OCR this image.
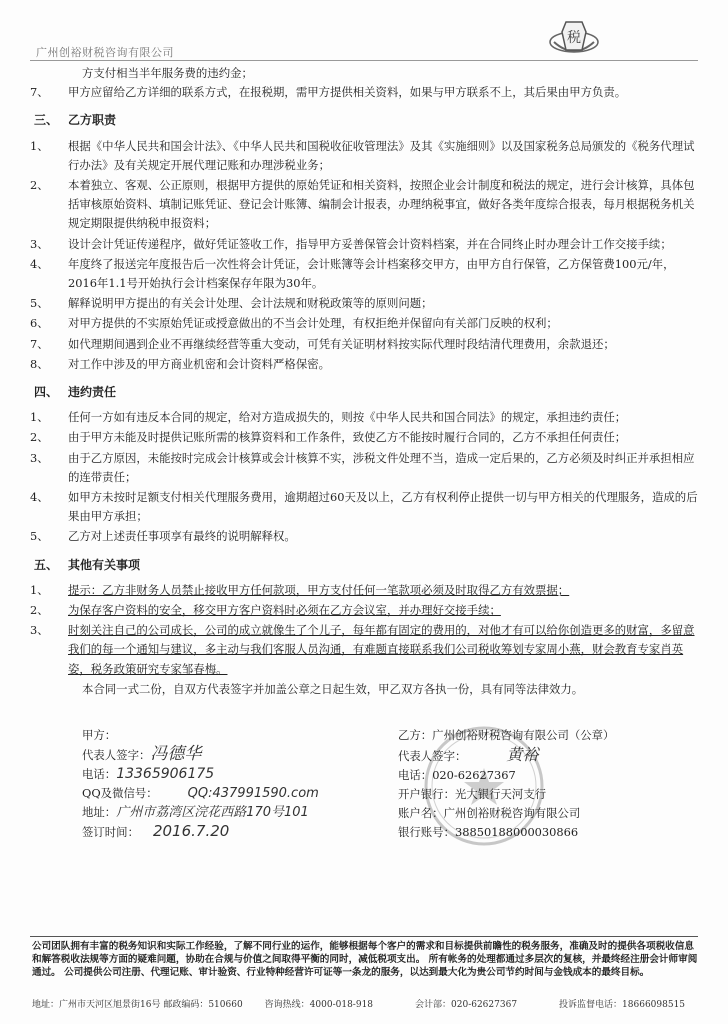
广州创裕财税咨询有限公司
税
方支付相当半年服务费的违约金；
7、	甲方应留给乙方详细的联系方式，在报税期，需甲方提供相关资料，如果与甲方联系不上，其后果由甲方负责。
三、 乙方职责
1、	根据《中华人民共和国会计法》、《中华人民共和国税收征收管理法》及其《实施细则》以及国家税务总局颁发的《税务代理试行办法》及有关规定开展代理记账和办理涉税业务；
2、	本着独立、客观、公正原则，根据甲方提供的原始凭证和相关资料，按照企业会计制度和税法的规定，进行会计核算，具体包括审核原始资料、填制记账凭证、登记会计账簿、编制会计报表，办理纳税事宜，做好各类年度综合报表，每月根据税务机关规定期限提供纳税申报资料；
3、	设计会计凭证传递程序，做好凭证签收工作，指导甲方妥善保管会计资料档案，并在合同终止时办理会计工作交接手续；
4、	年度终了报送完年度报告后一次性将会计凭证，会计账簿等会计档案移交甲方，由甲方自行保管，乙方保管费100元/年，2016年1.1号开始执行会计档案保存年限为30年。
5、	解释说明甲方提出的有关会计处理、会计法规和财税政策等的原则问题；
6、	对甲方提供的不实原始凭证或授意做出的不当会计处理，有权拒绝并保留向有关部门反映的权利；
7、	如代理期间遇到企业不再继续经营等重大变动，可凭有关证明材料按实际代理时段结清代理费用，余款退还；
8、	对工作中涉及的甲方商业机密和会计资料严格保密。
四、 违约责任
1、	任何一方如有违反本合同的规定，给对方造成损失的，则按《中华人民共和国合同法》的规定，承担违约责任；
2、	由于甲方未能及时提供记账所需的核算资料和工作条件，致使乙方不能按时履行合同的，乙方不承担任何责任；
3、	由于乙方原因，未能按时完成会计核算或会计核算不实，涉税文件处理不当，造成一定后果的，乙方必须及时纠正并承担相应的连带责任；
4、	如甲方未按时足额支付相关代理服务费用，逾期超过60天及以上，乙方有权利停止提供一切与甲方相关的代理服务，造成的后果由甲方承担；
5、	乙方对上述责任事项享有最终的说明解释权。
五、 其他有关事项
1、	提示：乙方非财务人员禁止接收甲方任何款项，甲方支付任何一笔款项必须及时取得乙方有效票据；
2、	为保存客户资料的安全，移交甲方客户资料时必须在乙方会议室，并办理好交接手续；
3、	时刻关注自己的公司成长，公司的成立就像生了个儿子，每年都有固定的费用的，对他才有可以给你创造更多的财富，多留意我们的每一个通知与建议，多主动与我们客服人员沟通，有难题直接联系我们公司税收筹划专家周小燕，财会教育专家肖英姿，税务政策研究专家邹春梅。
本合同一式二份，自双方代表签字并加盖公章之日起生效，甲乙双方各执一份，具有同等法律效力。
甲方：
代表人签字：冯德华
电话：13365906175
QQ及微信号： QQ:437991590.com
地址：广州市荔湾区浣花西路170号101
签订时间： 2016.7.20
乙方：广州创裕财税咨询有限公司（公章）
代表人签字：	黄裕
电话：020-62627367
开户银行：光大银行天河支行
账户名：广州创裕财税咨询有限公司
银行账号：38850188000030866
公司团队拥有丰富的税务知识和实际工作经验，了解不同行业的运作，能够根据每个客户的需求和目标提供前瞻性的税务服务，准确及时的提供各项税收信息和解答税收法规等方面的疑难问题，协助在合规与价值之间取得平衡的同时，减低税项支出。 所有帐务的处理都通过多层次的复核，并最终经注册会计师审阅通过。 公司提供公司注册、代理记账、审计验资、行业特种经营许可证等一条龙的服务，以达到最大化为贵公司节约时间与金钱成本的最终目标。
地址：广州市天河区旭景街16号 邮政编码：510660 咨询热线：4000-018-918	会计部：020-62627367	投诉监督电话：18666098515
